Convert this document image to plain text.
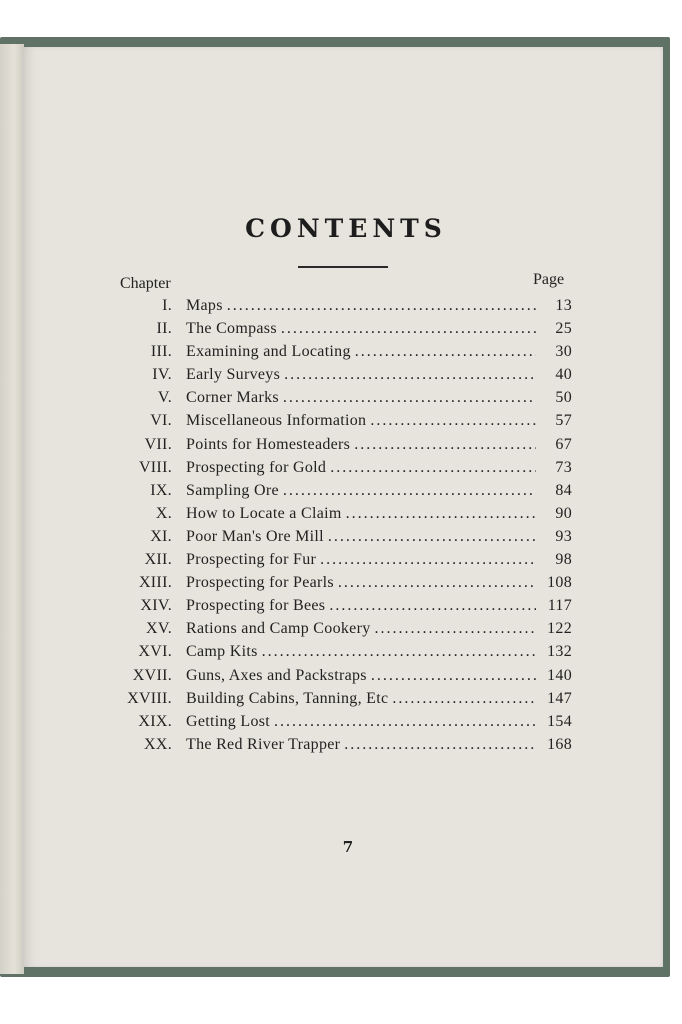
CONTENTS
Chapter	Page
I. Maps . . .	13
II. The Compass . . .	25
III. Examining and Locating . . .	30
IV. Early Surveys . . .	40
V. Corner Marks . . .	50
VI. Miscellaneous Information . . .	57
VII. Points for Homesteaders . . .	67
VIII. Prospecting for Gold . . .	73
IX. Sampling Ore . . .	84
X. How to Locate a Claim . . .	90
XI. Poor Man's Ore Mill . . .	93
XII. Prospecting for Fur . . .	98
XIII. Prospecting for Pearls . . .	108
XIV. Prospecting for Bees . . .	117
XV. Rations and Camp Cookery . . .	122
XVI. Camp Kits . . .	132
XVII. Guns, Axes and Packstraps . . .	140
XVIII. Building Cabins, Tanning, Etc . . .	147
XIX. Getting Lost . . .	154
XX. The Red River Trapper . . .	168
7
